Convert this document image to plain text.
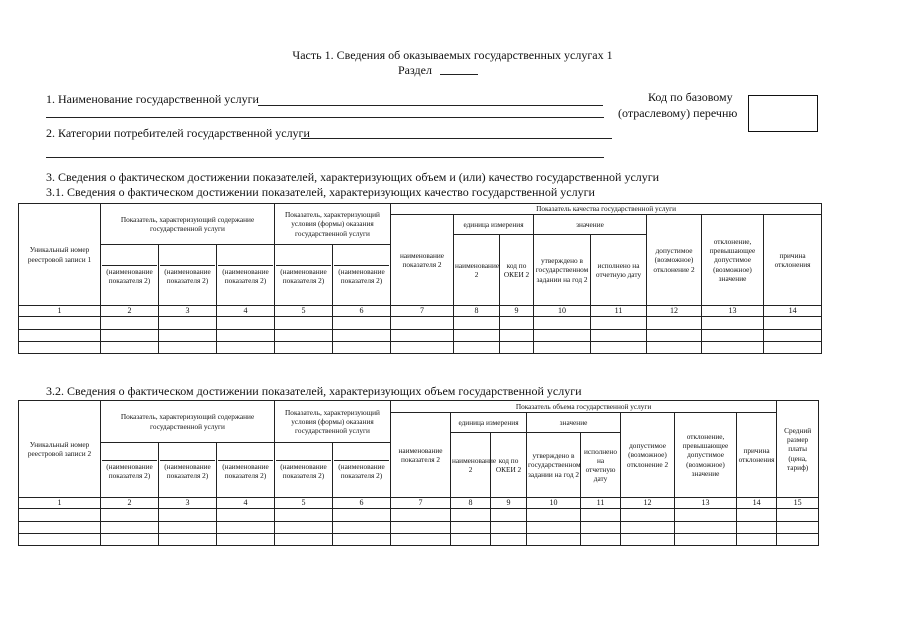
Часть 1. Сведения об оказываемых государственных услугах 1
Раздел
1. Наименование государственной услуги	Код по базовому
(отраслевому) перечню
2. Категории потребителей государственной услуги
3. Сведения о фактическом достижении показателей, характеризующих объем и (или) качество государственной услуги
3.1. Сведения о фактическом достижении показателей, характеризующих качество государственной услуги
Уникальный номер реестровой записи 1	Показатель, характеризующий содержание государственной услуги			Показатель, характеризующий условия (формы) оказания государственной услуги		Показатель качества государственной услуги							
						наименование показателя 2	единица измерения		значение		допустимое (возможное) отклонение 2	отклонение, превышающее допустимое (возможное) значение	причина отклонения
							наименование 2	код по ОКЕИ 2	утверждено в государственном задании на год 2	исполнено на отчетную дату			
	(наименование показателя 2)	(наименование показателя 2)	(наименование показателя 2)	(наименование показателя 2)	(наименование показателя 2)								
1	2	3	4	5	6	7	8	9	10	11	12	13	14

3.2. Сведения о фактическом достижении показателей, характеризующих объем государственной услуги
Уникальный номер реестровой записи 2	Показатель, характеризующий содержание государственной услуги			Показатель, характеризующий условия (формы) оказания государственной услуги		Показатель объема государственной услуги								Средний размер платы (цена, тариф)
						наименование показателя 2	единица измерения		значение		допустимое (возможное) отклонение 2	отклонение, превышающее допустимое (возможное) значение	причина отклонения	
							наименование 2	код по ОКЕИ 2	утверждено в государственном задании на год 2	исполнено на отчетную дату				
	(наименование показателя 2)	(наименование показателя 2)	(наименование показателя 2)	(наименование показателя 2)	(наименование показателя 2)									
1	2	3	4	5	6	7	8	9	10	11	12	13	14	15
